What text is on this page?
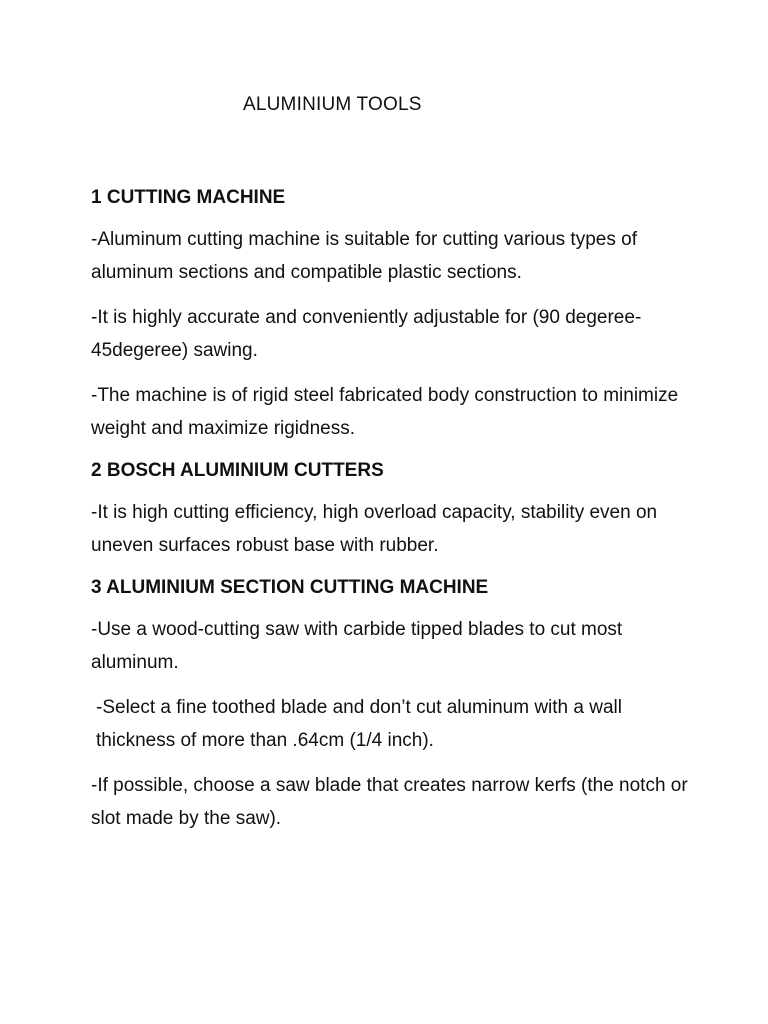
ALUMINIUM TOOLS
1 CUTTING MACHINE

-Aluminum cutting machine is suitable for cutting various types of aluminum sections and compatible plastic sections.

-It is highly accurate and conveniently adjustable for (90 degeree-45degeree) sawing.

-The machine is of rigid steel fabricated body construction to minimize weight and maximize rigidness.

2 BOSCH ALUMINIUM CUTTERS

-It is high cutting efficiency, high overload capacity, stability even on uneven surfaces robust base with rubber.

3 ALUMINIUM SECTION CUTTING MACHINE

-Use a wood-cutting saw with carbide tipped blades to cut most aluminum.

-Select a fine toothed blade and don’t cut aluminum with a wall thickness of more than .64cm (1/4 inch).

-If possible, choose a saw blade that creates narrow kerfs (the notch or slot made by the saw).
